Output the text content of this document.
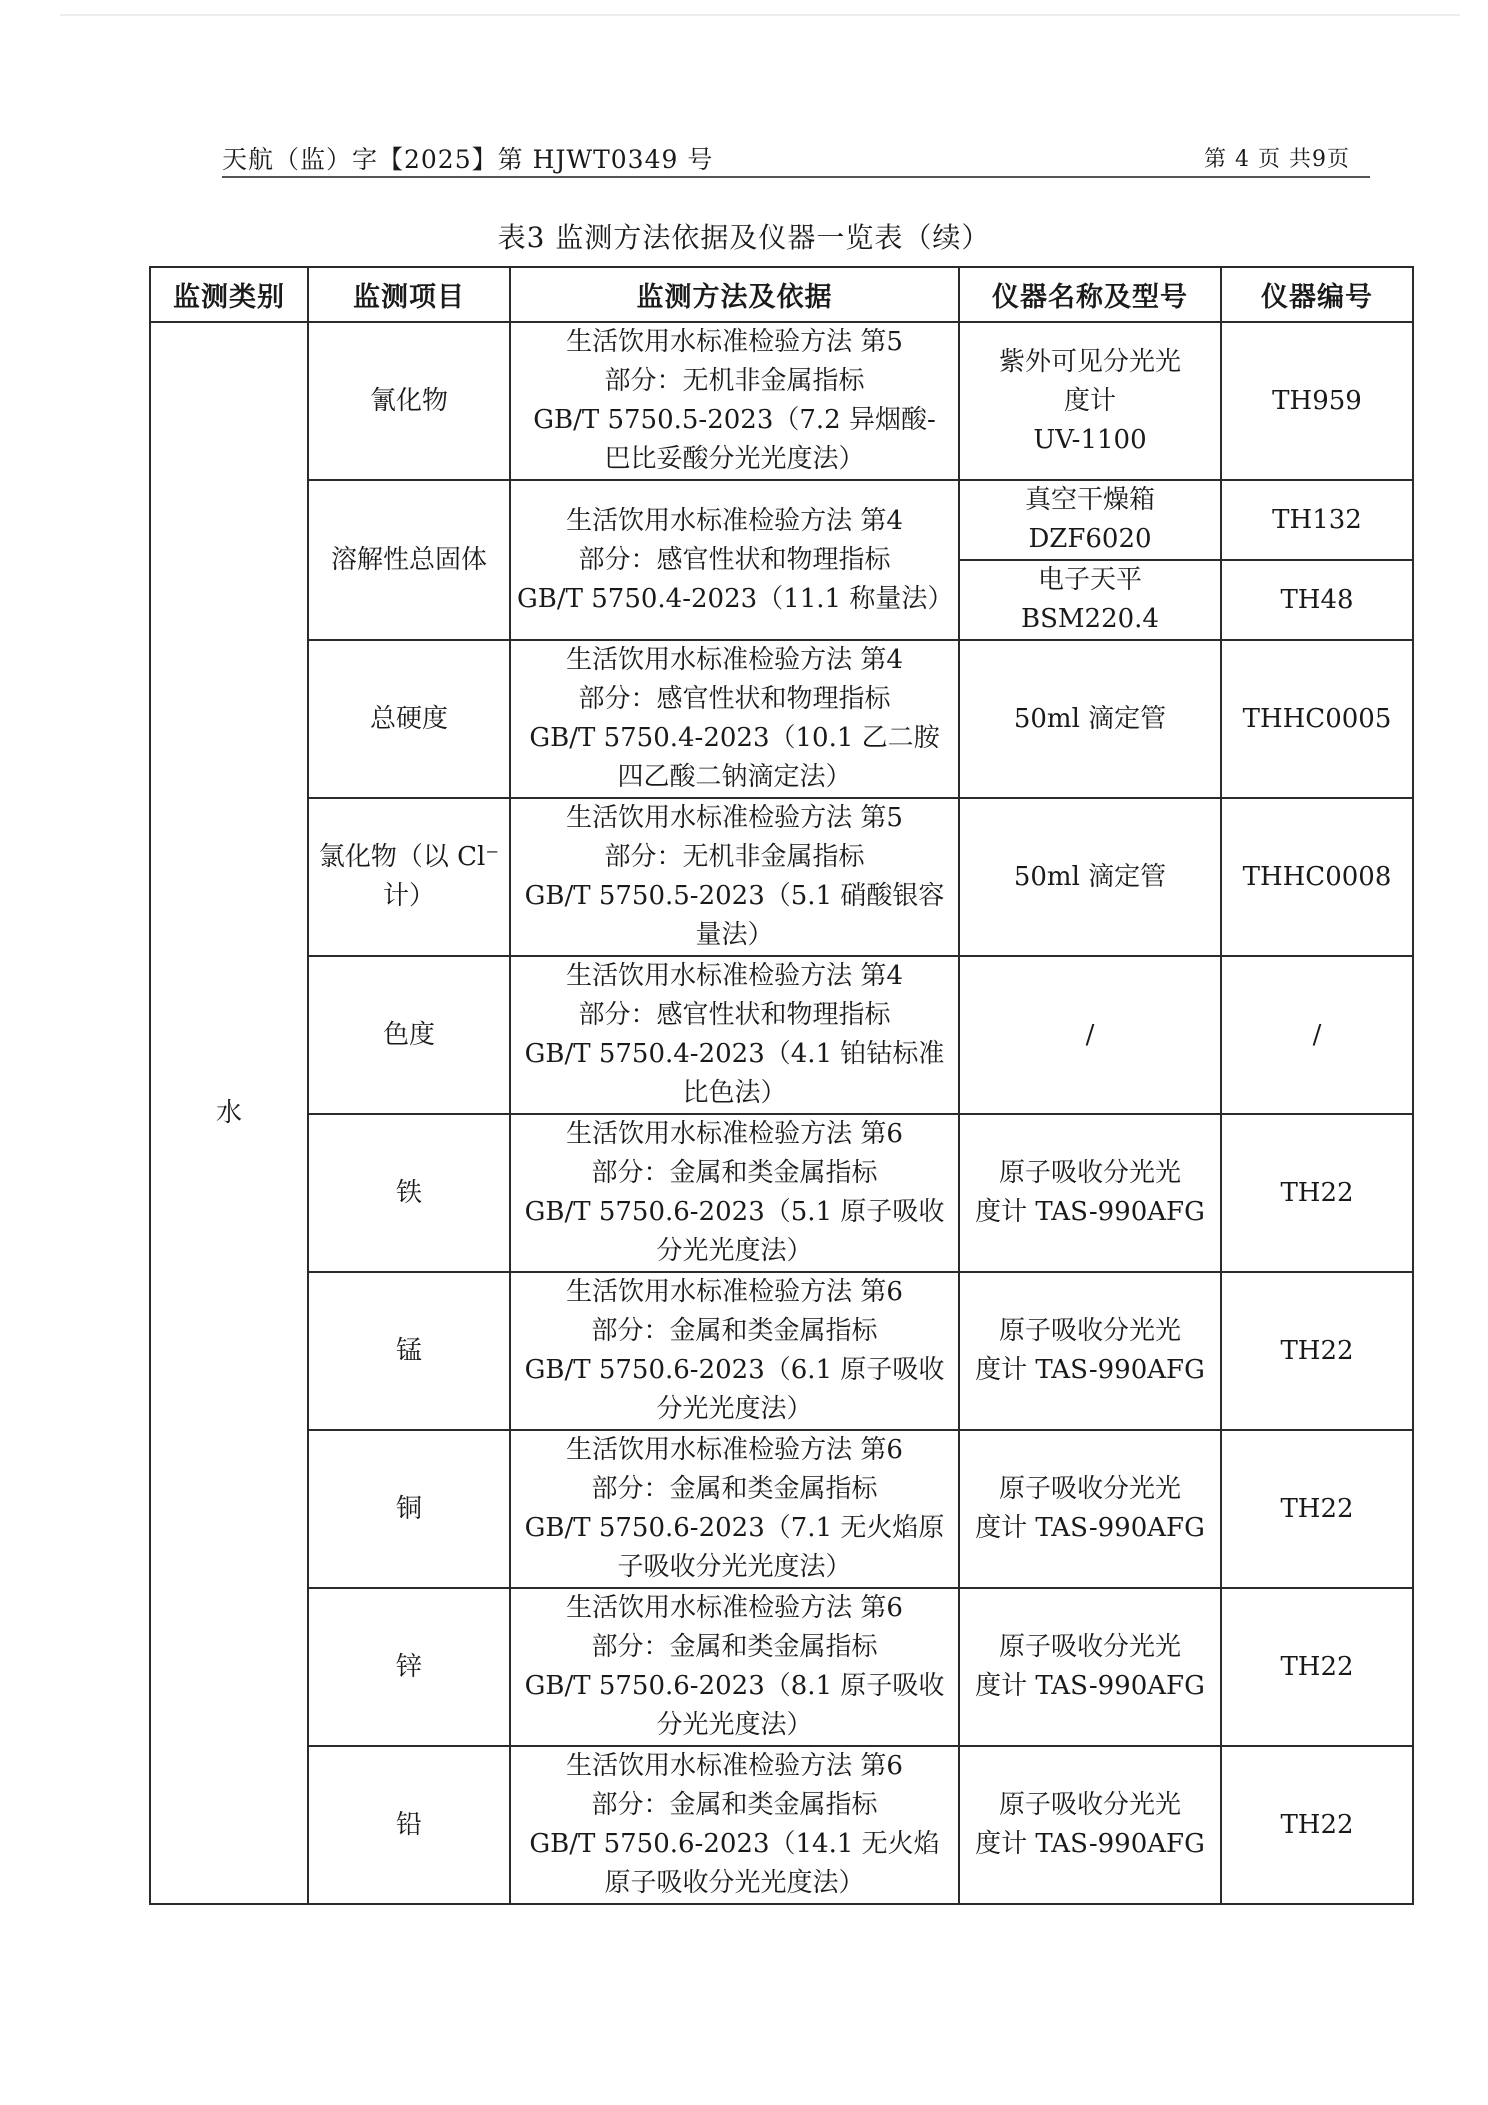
天航（监）字【2025】第 HJWT0349 号	第 4 页 共9页
表3 监测方法依据及仪器一览表（续）
监测类别	监测项目	监测方法及依据	仪器名称及型号	仪器编号
水	氰化物	生活饮用水标准检验方法 第5
部分：无机非金属指标
GB/T 5750.5-2023（7.2 异烟酸-
巴比妥酸分光光度法）	紫外可见分光光
度计
UV-1100	TH959
	溶解性总固体	生活饮用水标准检验方法 第4
部分：感官性状和物理指标
GB/T 5750.4-2023（11.1 称量法）	真空干燥箱
DZF6020	TH132
			电子天平
BSM220.4	TH48
	总硬度	生活饮用水标准检验方法 第4
部分：感官性状和物理指标
GB/T 5750.4-2023（10.1 乙二胺
四乙酸二钠滴定法）	50ml 滴定管	THHC0005
	氯化物（以 Cl⁻
计）	生活饮用水标准检验方法 第5
部分：无机非金属指标
GB/T 5750.5-2023（5.1 硝酸银容
量法）	50ml 滴定管	THHC0008
	色度	生活饮用水标准检验方法 第4
部分：感官性状和物理指标
GB/T 5750.4-2023（4.1 铂钴标准
比色法）	/	/
	铁	生活饮用水标准检验方法 第6
部分：金属和类金属指标
GB/T 5750.6-2023（5.1 原子吸收
分光光度法）	原子吸收分光光
度计 TAS-990AFG	TH22
	锰	生活饮用水标准检验方法 第6
部分：金属和类金属指标
GB/T 5750.6-2023（6.1 原子吸收
分光光度法）	原子吸收分光光
度计 TAS-990AFG	TH22
	铜	生活饮用水标准检验方法 第6
部分：金属和类金属指标
GB/T 5750.6-2023（7.1 无火焰原
子吸收分光光度法）	原子吸收分光光
度计 TAS-990AFG	TH22
	锌	生活饮用水标准检验方法 第6
部分：金属和类金属指标
GB/T 5750.6-2023（8.1 原子吸收
分光光度法）	原子吸收分光光
度计 TAS-990AFG	TH22
	铅	生活饮用水标准检验方法 第6
部分：金属和类金属指标
GB/T 5750.6-2023（14.1 无火焰
原子吸收分光光度法）	原子吸收分光光
度计 TAS-990AFG	TH22
